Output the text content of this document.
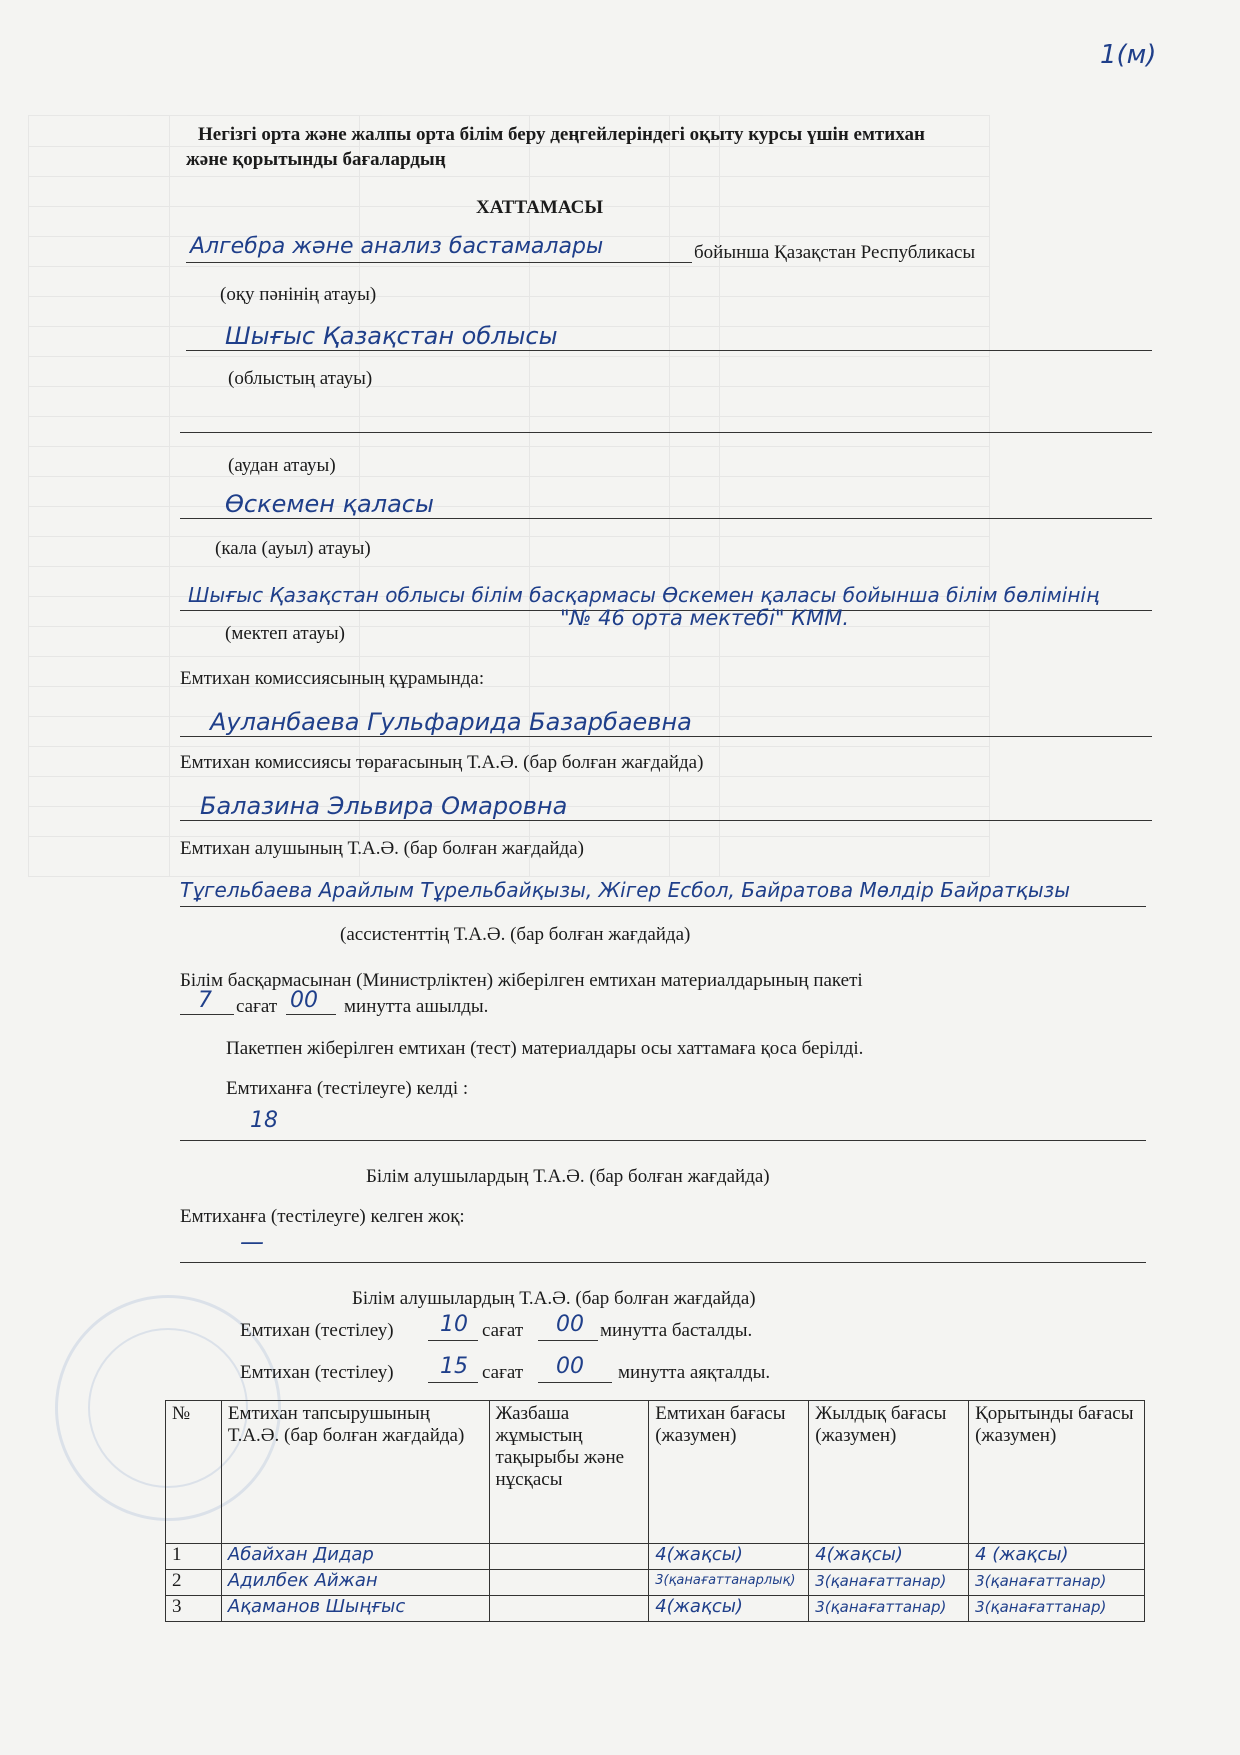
1(м)
Негізгі орта және жалпы орта білім беру деңгейлеріндегі оқыту курсы үшін емтихан
және қорытынды бағалардың
ХАТТАМАСЫ
Алгебра және анализ бастамалары	бойынша Қазақстан Республикасы
(оқу пәнінің атауы)
Шығыс Қазақстан облысы
(облыстың атауы)
(аудан атауы)
Өскемен қаласы
(кала (ауыл) атауы)
Шығыс Қазақстан облысы білім басқармасы Өскемен қаласы бойынша білім бөлімінің
"№ 46 орта мектебі" КММ.
(мектеп атауы)
Емтихан комиссиясының құрамында:
Ауланбаева Гульфарида Базарбаевна
Емтихан комиссиясы төрағасының Т.А.Ә. (бар болған жағдайда)
Балазина Эльвира Омаровна
Емтихан алушының Т.А.Ә. (бар болған жағдайда)
Тұгельбаева Арайлым Тұрельбайқызы, Жігер Есбол, Байратова Мөлдір Байратқызы
(ассистенттің Т.А.Ә. (бар болған жағдайда)
Білім басқармасынан (Министрліктен) жіберілген емтихан материалдарының пакеті
7 сағат 00 минутта ашылды.
Пакетпен жіберілген емтихан (тест) материалдары осы хаттамаға қоса берілді.
Емтиханға (тестілеуге) келді :
18
Білім алушылардың Т.А.Ә. (бар болған жағдайда)
Емтиханға (тестілеуге) келген жоқ:
—
Білім алушылардың Т.А.Ә. (бар болған жағдайда)
Емтихан (тестілеу) 10 сағат 00 минутта басталды.
Емтихан (тестілеу) 15 сағат 00 минутта аяқталды.
№	Емтихан тапсырушының Т.А.Ә. (бар болған жағдайда)	Жазбаша жұмыстың тақырыбы және нұсқасы	Емтихан бағасы (жазумен)	Жылдық бағасы (жазумен)	Қорытынды бағасы (жазумен)
1	Абайхан Дидар		4(жақсы)	4(жақсы)	4 (жақсы)
2	Адилбек Айжан		3(қанағаттанарлық)	3(қанағаттанар)	3(қанағаттанар)
3	Ақаманов Шыңғыс		4(жақсы)	3(қанағаттанар)	3(қанағаттанар)
